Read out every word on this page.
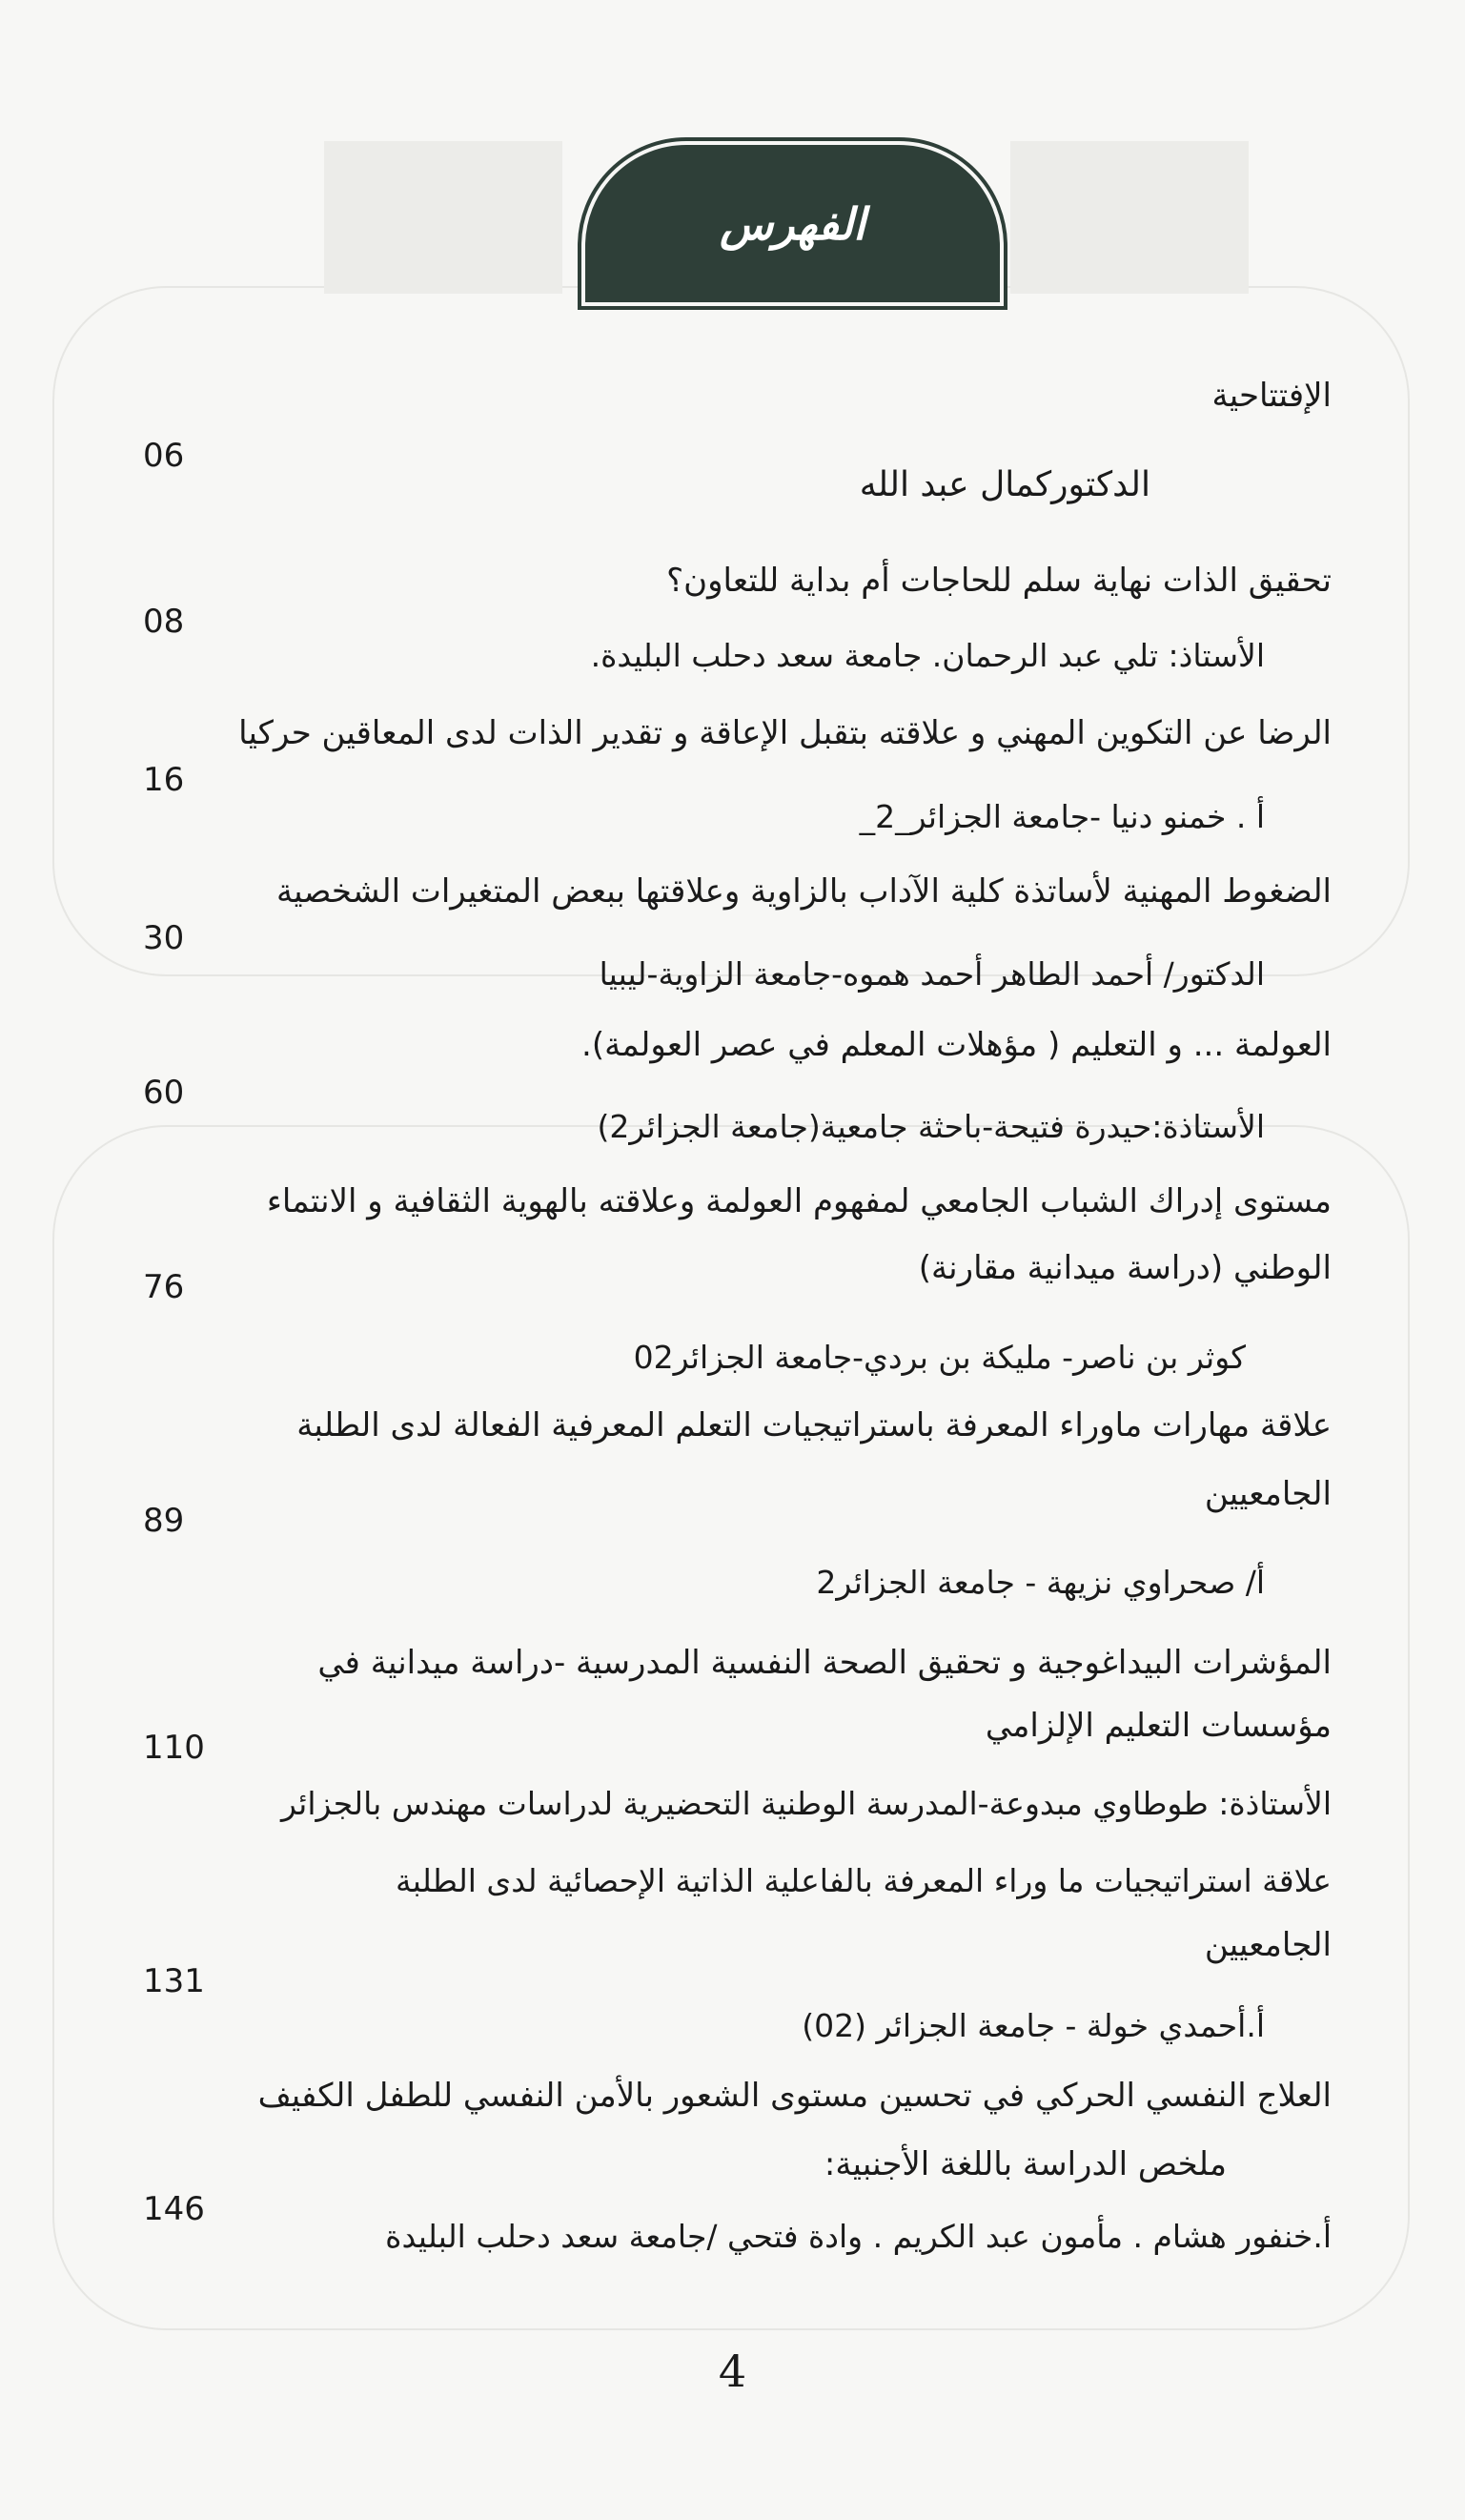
الفهرس
الإفتتاحية
06
الدكتوركمال عبد الله
تحقيق الذات نهاية سلم للحاجات أم بداية للتعاون؟
08
الأستاذ: تلي عبد الرحمان. جامعة سعد دحلب البليدة.
الرضا عن التكوين المهني و علاقته بتقبل الإعاقة و تقدير الذات لدى المعاقين حركيا
16
أ . خمنو دنيا -جامعة الجزائر_2_
الضغوط المهنية لأساتذة كلية الآداب بالزاوية وعلاقتها ببعض المتغيرات الشخصية
30
الدكتور/ أحمد الطاهر أحمد هموه-جامعة الزاوية-ليبيا
العولمة ... و التعليم ( مؤهلات المعلم في عصر العولمة).
60
الأستاذة:حيدرة فتيحة-باحثة جامعية(جامعة الجزائر2)
مستوى إدراك الشباب الجامعي لمفهوم العولمة وعلاقته بالهوية الثقافية و الانتماء
الوطني (دراسة ميدانية مقارنة)
76
كوثر بن ناصر- مليكة بن بردي-جامعة الجزائر02
علاقة مهارات ماوراء المعرفة باستراتيجيات التعلم المعرفية الفعالة لدى الطلبة
الجامعيين
89
أ/ صحراوي نزيهة - جامعة الجزائر2
المؤشرات البيداغوجية و تحقيق الصحة النفسية المدرسية -دراسة ميدانية في
مؤسسات التعليم الإلزامي
110
الأستاذة: طوطاوي مبدوعة-المدرسة الوطنية التحضيرية لدراسات مهندس بالجزائر
علاقة استراتيجيات ما وراء المعرفة بالفاعلية الذاتية الإحصائية لدى الطلبة
الجامعيين
131
أ.أحمدي خولة - جامعة الجزائر (02)
العلاج النفسي الحركي في تحسين مستوى الشعور بالأمن النفسي للطفل الكفيف
ملخص الدراسة باللغة الأجنبية:
146
أ.خنفور هشام . مأمون عبد الكريم . وادة فتحي /جامعة سعد دحلب البليدة
4
